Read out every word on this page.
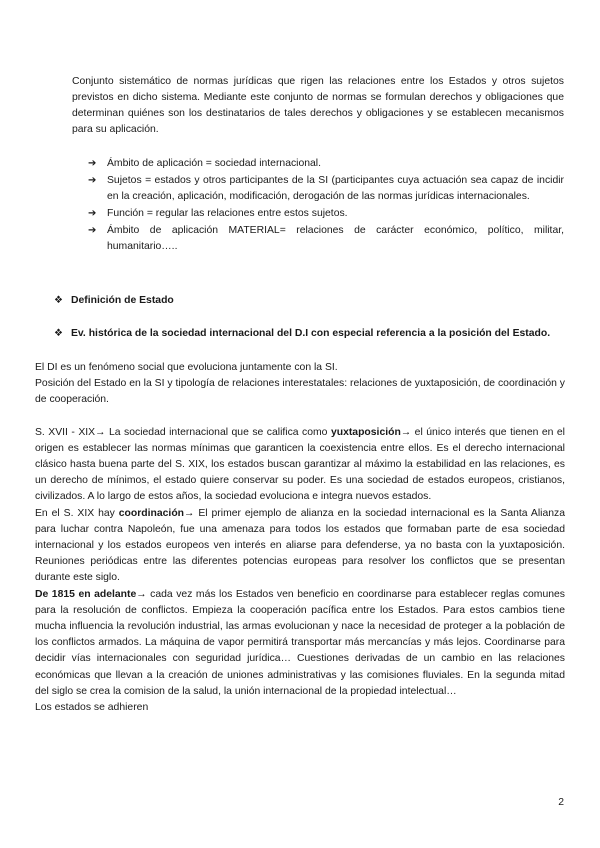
Conjunto sistemático de normas jurídicas que rigen las relaciones entre los Estados y otros sujetos previstos en dicho sistema. Mediante este conjunto de normas se formulan derechos y obligaciones que determinan quiénes son los destinatarios de tales derechos y obligaciones y se establecen mecanismos para su aplicación.

➔ Ámbito de aplicación = sociedad internacional.
➔ Sujetos = estados y otros participantes de la SI (participantes cuya actuación sea capaz de incidir en la creación, aplicación, modificación, derogación de las normas jurídicas internacionales.
➔ Función = regular las relaciones entre estos sujetos.
➔ Ámbito de aplicación MATERIAL= relaciones de carácter económico, político, militar, humanitario…..
❖ Definición de Estado
❖ Ev. histórica de la sociedad internacional del D.I con especial referencia a la posición del Estado.

El DI es un fenómeno social que evoluciona juntamente con la SI.

Posición del Estado en la SI y tipología de relaciones interestatales: relaciones de yuxtaposición, de coordinación y de cooperación.

S. XVII - XIX→ La sociedad internacional que se califica como yuxtaposición→ el único interés que tienen en el origen es establecer las normas mínimas que garanticen la coexistencia entre ellos. Es el derecho internacional clásico hasta buena parte del S. XIX, los estados buscan garantizar al máximo la estabilidad en las relaciones, es un derecho de mínimos, el estado quiere conservar su poder. Es una sociedad de estados europeos, cristianos, civilizados. A lo largo de estos años, la sociedad evoluciona e integra nuevos estados.

En el S. XIX hay coordinación→ El primer ejemplo de alianza en la sociedad internacional es la Santa Alianza para luchar contra Napoleón, fue una amenaza para todos los estados que formaban parte de esa sociedad internacional y los estados europeos ven interés en aliarse para defenderse, ya no basta con la yuxtaposición. Reuniones periódicas entre las diferentes potencias europeas para resolver los conflictos que se presentan durante este siglo.

De 1815 en adelante→ cada vez más los Estados ven beneficio en coordinarse para establecer reglas comunes para la resolución de conflictos. Empieza la cooperación pacífica entre los Estados. Para estos cambios tiene mucha influencia la revolución industrial, las armas evolucionan y nace la necesidad de proteger a la población de los conflictos armados. La máquina de vapor permitirá transportar más mercancías y más lejos. Coordinarse para decidir vías internacionales con seguridad jurídica… Cuestiones derivadas de un cambio en las relaciones económicas que llevan a la creación de uniones administrativas y las comisiones fluviales. En la segunda mitad del siglo se crea la comision de la salud, la unión internacional de la propiedad intelectual…

Los estados se adhieren

2
